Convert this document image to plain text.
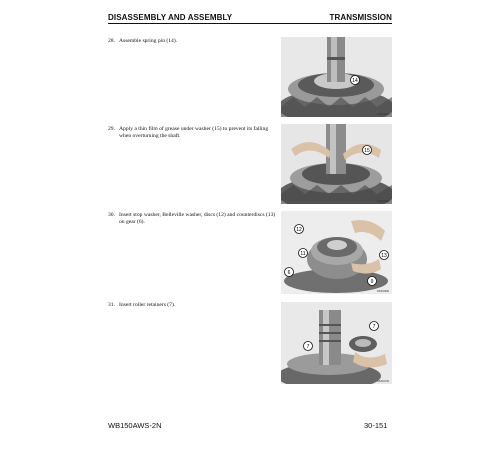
DISASSEMBLY AND ASSEMBLY	TRANSMISSION
28. Assemble spring pin (14).
14
RKZ04670
29. Apply a thin film of grease under washer (15) to prevent its falling when overturning the shaft.
15
RKZ04680
30. Insert stop washer, Belleville washer, discs (12) and counterdiscs (13) on gear (6).
12
11	13
6
9
RKZ04690
31. Insert roller retainers (7).
7
7
RKZ04700
WB150AWS-2N	30-151
